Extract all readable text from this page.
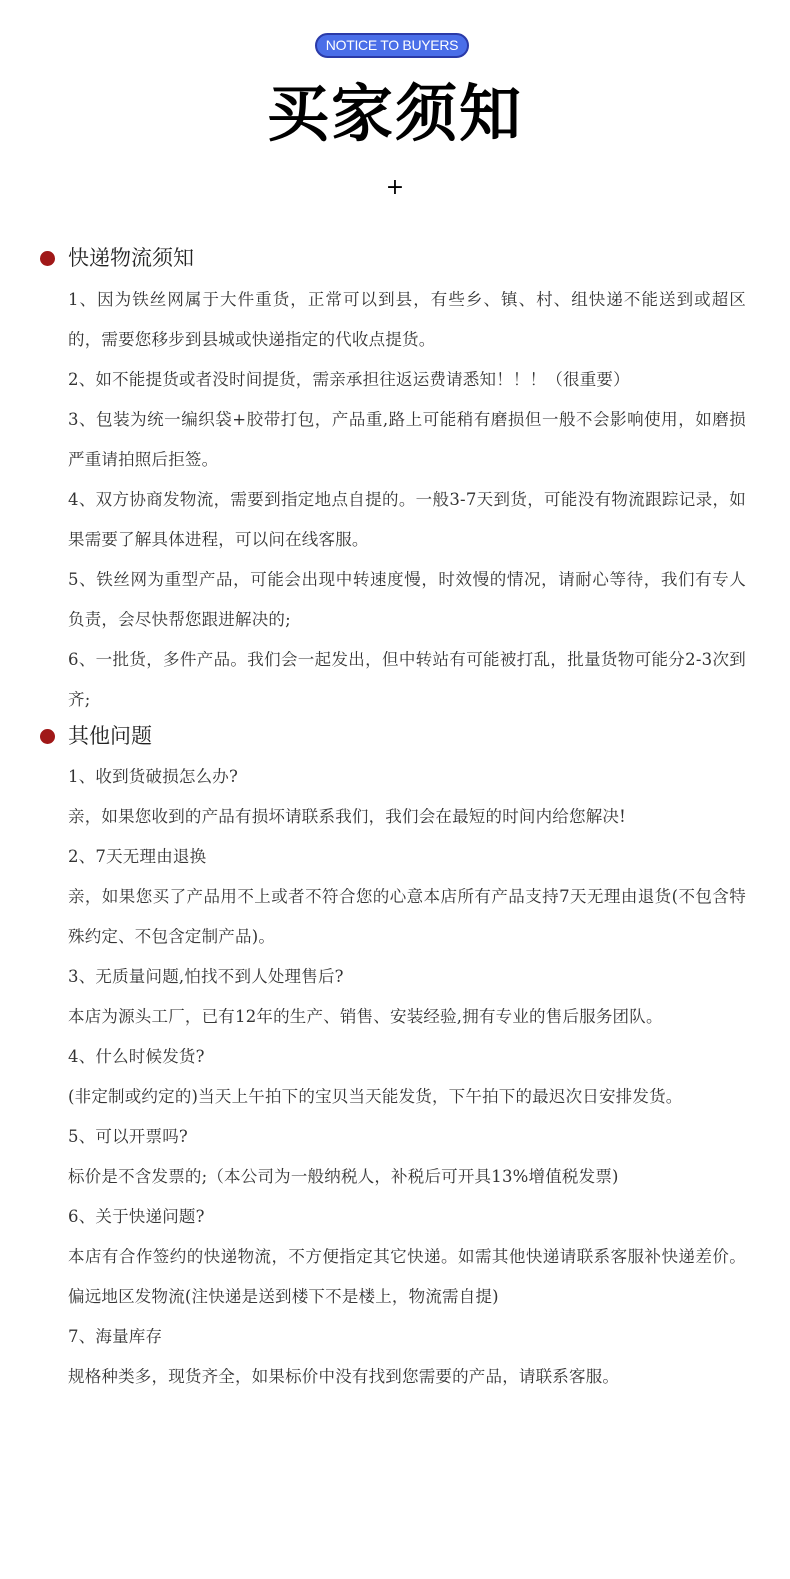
NOTICE TO BUYERS
买家须知
+
快递物流须知

1、因为铁丝网属于大件重货，正常可以到县，有些乡、镇、村、组快递不能送到或超区的，需要您移步到县城或快递指定的代收点提货。

2、如不能提货或者没时间提货，需亲承担往返运费请悉知！！！（很重要）

3、包装为统一编织袋+胶带打包，产品重,路上可能稍有磨损但一般不会影响使用，如磨损严重请拍照后拒签。

4、双方协商发物流，需要到指定地点自提的。一般3-7天到货，可能没有物流跟踪记录，如果需要了解具体进程，可以问在线客服。

5、铁丝网为重型产品，可能会出现中转速度慢，时效慢的情况，请耐心等待，我们有专人负责，会尽快帮您跟进解决的;

6、一批货，多件产品。我们会一起发出，但中转站有可能被打乱，批量货物可能分2-3次到齐;

其他问题

1、收到货破损怎么办?

亲，如果您收到的产品有损坏请联系我们，我们会在最短的时间内给您解决!

2、7天无理由退换

亲，如果您买了产品用不上或者不符合您的心意本店所有产品支持7天无理由退货(不包含特殊约定、不包含定制产品)。

3、无质量问题,怕找不到人处理售后?

本店为源头工厂，已有12年的生产、销售、安装经验,拥有专业的售后服务团队。

4、什么时候发货?

(非定制或约定的)当天上午拍下的宝贝当天能发货，下午拍下的最迟次日安排发货。

5、可以开票吗?

标价是不含发票的;（本公司为一般纳税人，补税后可开具13%增值税发票)

6、关于快递问题?

本店有合作签约的快递物流，不方便指定其它快递。如需其他快递请联系客服补快递差价。偏远地区发物流(注快递是送到楼下不是楼上，物流需自提)

7、海量库存

规格种类多，现货齐全，如果标价中没有找到您需要的产品，请联系客服。
